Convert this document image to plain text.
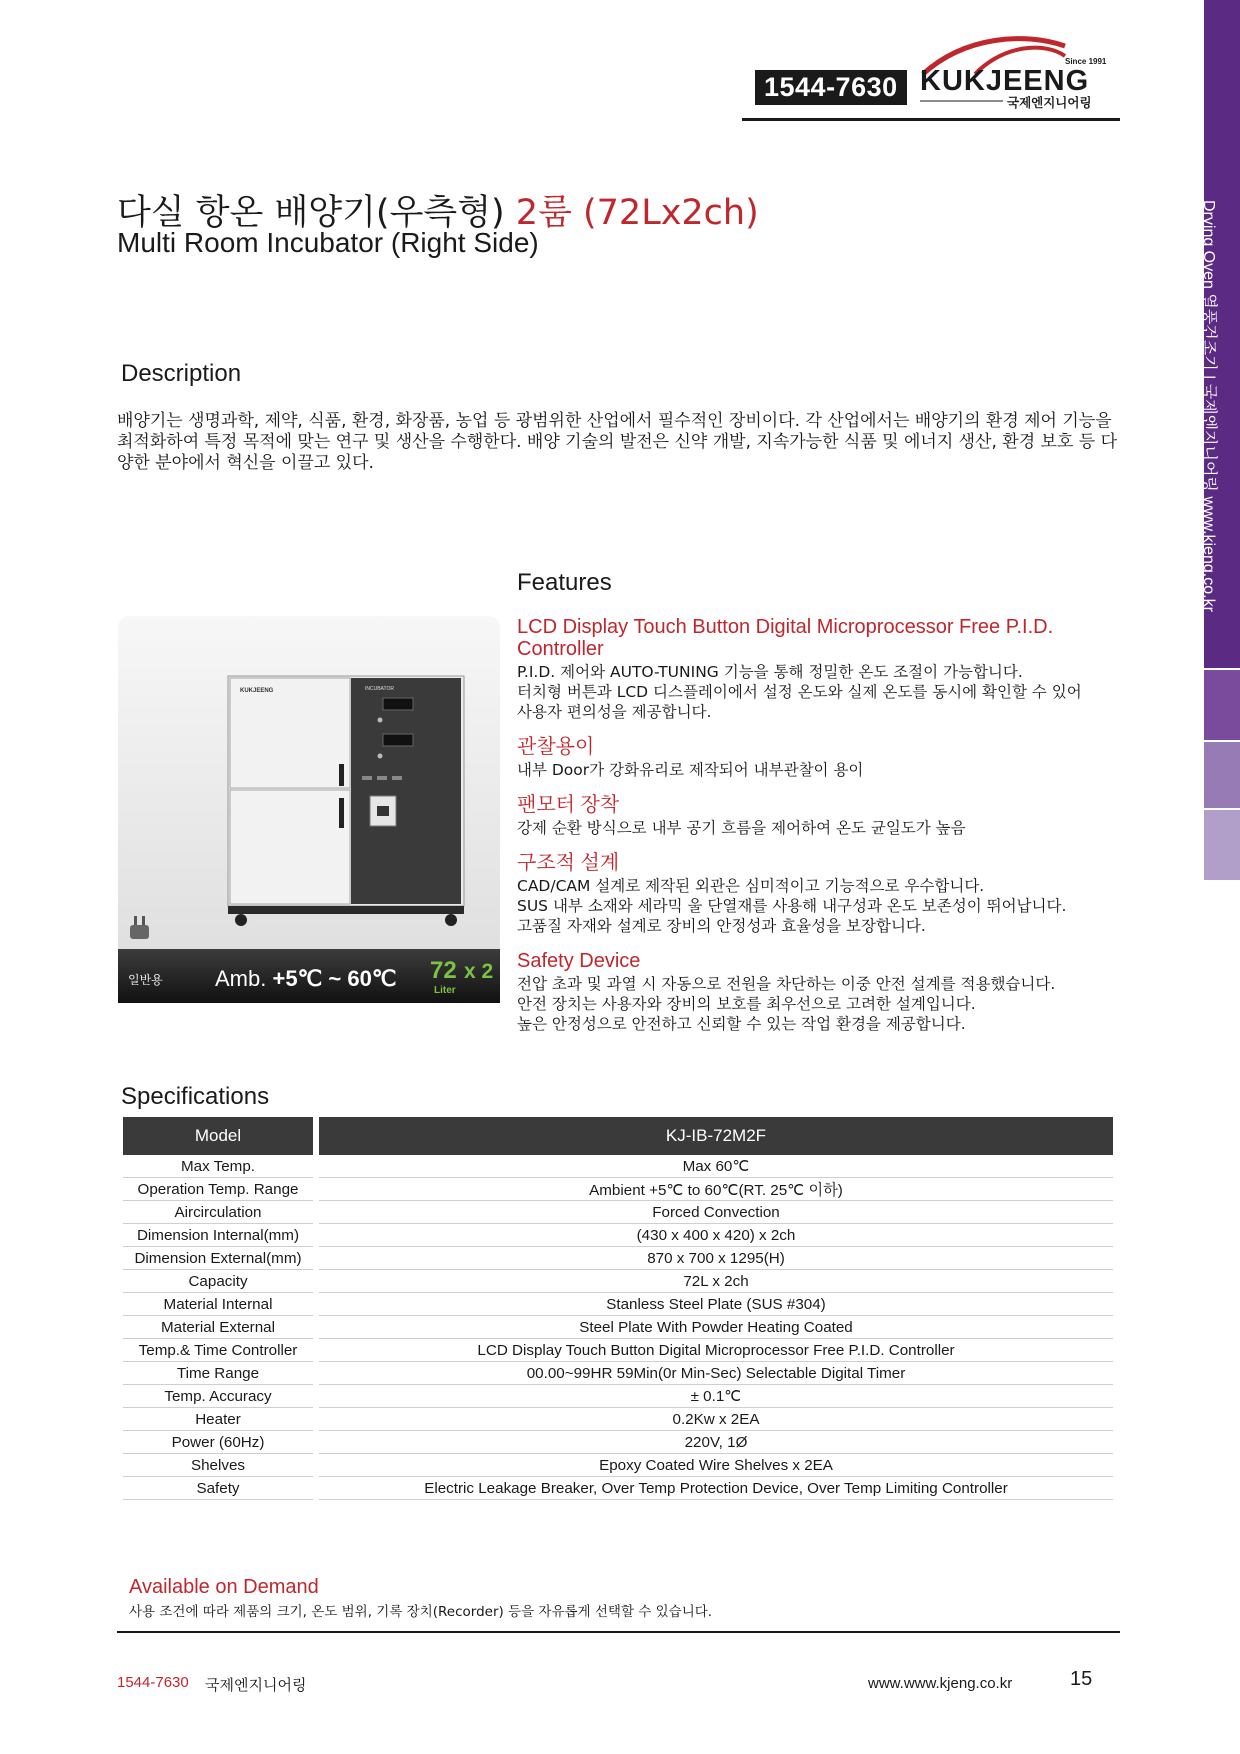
1544-7630
Since 1991
KUKJEENG
국제엔지니어링
Drying Oven 열풍건조기 | 국제엔지니어링 www.kjeng.co.kr
다실 항온 배양기(우측형) 2룸 (72Lx2ch)
Multi Room Incubator (Right Side)
Description
배양기는 생명과학, 제약, 식품, 환경, 화장품, 농업 등 광범위한 산업에서 필수적인 장비이다. 각 산업에서는 배양기의 환경 제어 기능을 최적화하여 특정 목적에 맞는 연구 및 생산을 수행한다. 배양 기술의 발전은 신약 개발, 지속가능한 식품 및 에너지 생산, 환경 보호 등 다양한 분야에서 혁신을 이끌고 있다.
KUKJEENG	INCUBATOR
일반용 Amb. +5℃ ~ 60℃ 72 x 2
Liter
Features
LCD Display Touch Button Digital Microprocessor Free P.I.D. Controller
P.I.D. 제어와 AUTO-TUNING 기능을 통해 정밀한 온도 조절이 가능합니다.
터치형 버튼과 LCD 디스플레이에서 설정 온도와 실제 온도를 동시에 확인할 수 있어
사용자 편의성을 제공합니다.
관찰용이
내부 Door가 강화유리로 제작되어 내부관찰이 용이
팬모터 장착
강제 순환 방식으로 내부 공기 흐름을 제어하여 온도 균일도가 높음
구조적 설계
CAD/CAM 설계로 제작된 외관은 심미적이고 기능적으로 우수합니다.
SUS 내부 소재와 세라믹 울 단열재를 사용해 내구성과 온도 보존성이 뛰어납니다.
고품질 자재와 설계로 장비의 안정성과 효율성을 보장합니다.
Safety Device
전압 초과 및 과열 시 자동으로 전원을 차단하는 이중 안전 설계를 적용했습니다.
안전 장치는 사용자와 장비의 보호를 최우선으로 고려한 설계입니다.
높은 안정성으로 안전하고 신뢰할 수 있는 작업 환경을 제공합니다.
Specifications
Model		KJ-IB-72M2F
Max Temp.		Max 60℃
Operation Temp. Range		Ambient +5℃ to 60℃(RT. 25℃ 이하)
Aircirculation		Forced Convection
Dimension Internal(mm)		(430 x 400 x 420) x 2ch
Dimension External(mm)		870 x 700 x 1295(H)
Capacity		72L x 2ch
Material Internal		Stanless Steel Plate (SUS #304)
Material External		Steel Plate With Powder Heating Coated
Temp.& Time Controller		LCD Display Touch Button Digital Microprocessor Free P.I.D. Controller
Time Range		00.00~99HR 59Min(0r Min-Sec) Selectable Digital Timer
Temp. Accuracy		± 0.1℃
Heater		0.2Kw x 2EA
Power (60Hz)		220V, 1Ø
Shelves		Epoxy Coated Wire Shelves x 2EA
Safety		Electric Leakage Breaker, Over Temp Protection Device, Over Temp Limiting Controller
Available on Demand
사용 조건에 따라 제품의 크기, 온도 범위, 기록 장치(Recorder) 등을 자유롭게 선택할 수 있습니다.
1544-7630 국제엔지니어링	www.www.kjeng.co.kr	15
